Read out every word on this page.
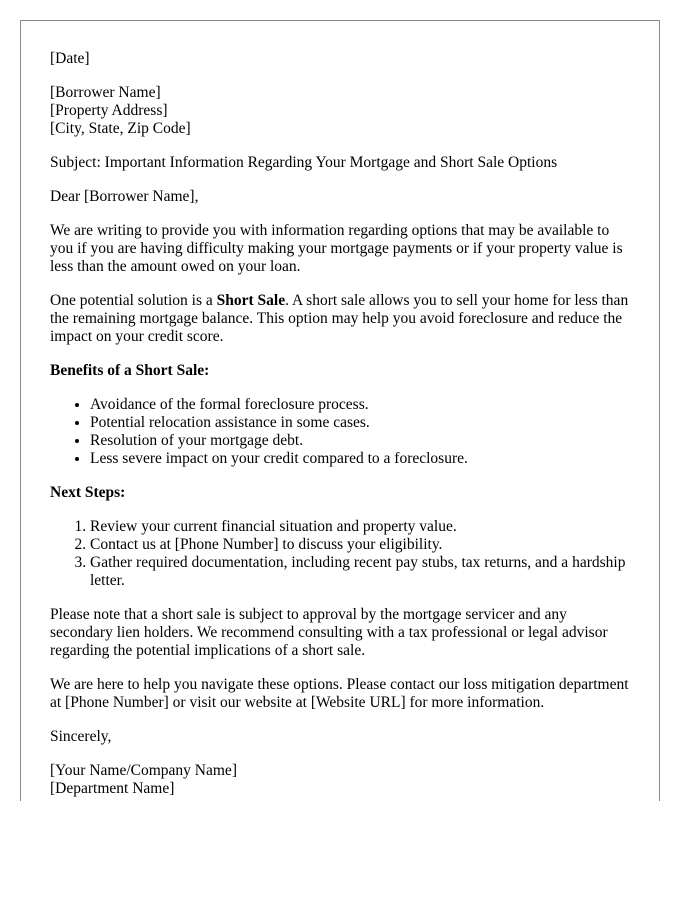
[Date]

[Borrower Name]
[Property Address]
[City, State, Zip Code]

Subject: Important Information Regarding Your Mortgage and Short Sale Options

Dear [Borrower Name],

We are writing to provide you with information regarding options that may be available to you if you are having difficulty making your mortgage payments or if your property value is less than the amount owed on your loan.

One potential solution is a Short Sale. A short sale allows you to sell your home for less than the remaining mortgage balance. This option may help you avoid foreclosure and reduce the impact on your credit score.

Benefits of a Short Sale:

• Avoidance of the formal foreclosure process.
• Potential relocation assistance in some cases.
• Resolution of your mortgage debt.
• Less severe impact on your credit compared to a foreclosure.

Next Steps:

1. Review your current financial situation and property value.
2. Contact us at [Phone Number] to discuss your eligibility.
3. Gather required documentation, including recent pay stubs, tax returns, and a hardship letter.

Please note that a short sale is subject to approval by the mortgage servicer and any secondary lien holders. We recommend consulting with a tax professional or legal advisor regarding the potential implications of a short sale.

We are here to help you navigate these options. Please contact our loss mitigation department at [Phone Number] or visit our website at [Website URL] for more information.

Sincerely,

[Your Name/Company Name]
[Department Name]
